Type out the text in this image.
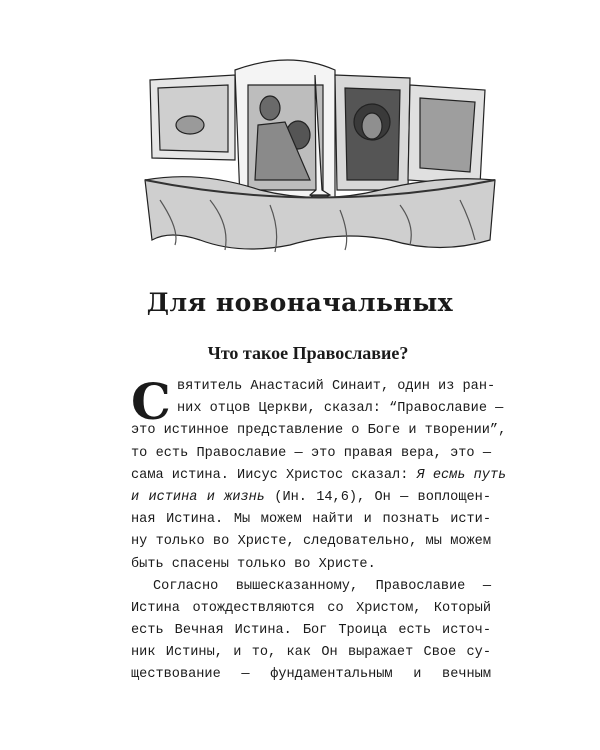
Для новоначальных
Что такое Православие?
С вятитель Анастасий Синаит, один из ран-
них отцов Церкви, сказал: “Православие —
это истинное представление о Боге и творении”,
то есть Православие — это правая вера, это —
сама истина. Иисус Христос сказал: Я есмь путь
и истина и жизнь (Ин. 14,6), Он — воплощен-
ная Истина. Мы можем найти и познать исти-
ну только во Христе, следовательно, мы можем
быть спасены только во Христе.
Согласно вышесказанному, Православие —
Истина отождествляются со Христом, Который
есть Вечная Истина. Бог Троица есть источ-
ник Истины, и то, как Он выражает Свое су-
ществование — фундаментальным и вечным
